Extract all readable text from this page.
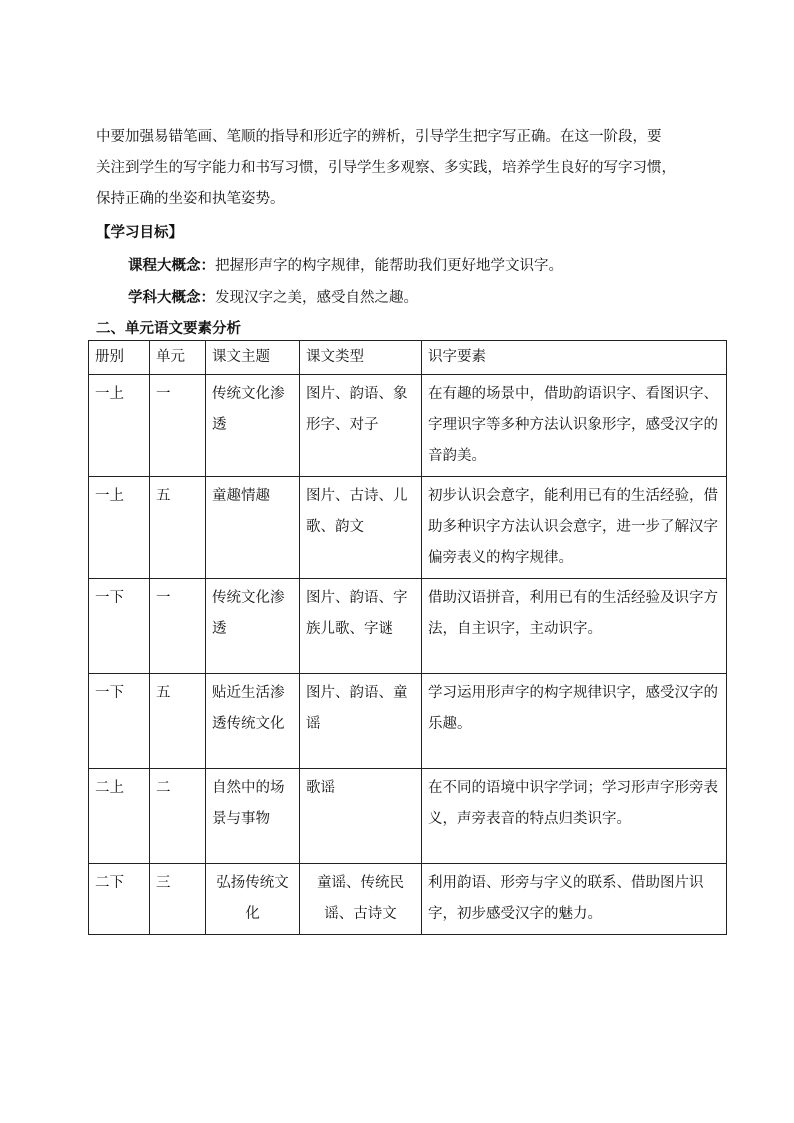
中要加强易错笔画、笔顺的指导和形近字的辨析，引导学生把字写正确。在这一阶段，要
关注到学生的写字能力和书写习惯，引导学生多观察、多实践，培养学生良好的写字习惯，
保持正确的坐姿和执笔姿势。

【学习目标】
课程大概念：把握形声字的构字规律，能帮助我们更好地学文识字。
学科大概念：发现汉字之美，感受自然之趣。
二、单元语文要素分析
册别	单元	课文主题	课文类型	识字要素
一上	一	传统文化渗透	图片、韵语、象形字、对子	在有趣的场景中，借助韵语识字、看图识字、字理识字等多种方法认识象形字，感受汉字的音韵美。
一上	五	童趣情趣	图片、古诗、儿歌、韵文	初步认识会意字，能利用已有的生活经验，借助多种识字方法认识会意字，进一步了解汉字偏旁表义的构字规律。
一下	一	传统文化渗透	图片、韵语、字族儿歌、字谜	借助汉语拼音，利用已有的生活经验及识字方法，自主识字，主动识字。
一下	五	贴近生活渗透传统文化	图片、韵语、童谣	学习运用形声字的构字规律识字，感受汉字的乐趣。
二上	二	自然中的场景与事物	歌谣	在不同的语境中识字学词；学习形声字形旁表义，声旁表音的特点归类识字。
二下	三	弘扬传统文化	童谣、传统民谣、古诗文	利用韵语、形旁与字义的联系、借助图片识字，初步感受汉字的魅力。
